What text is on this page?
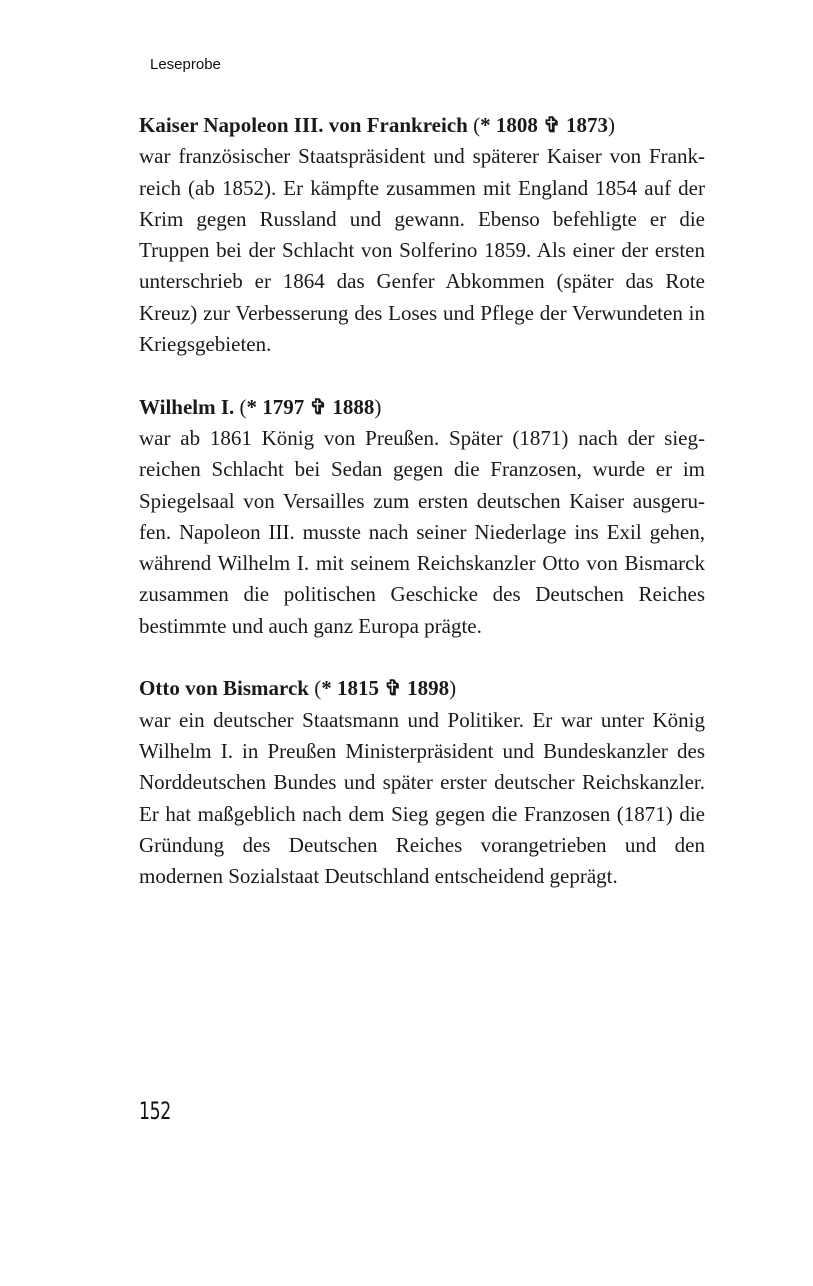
Leseprobe

Kaiser Napoleon III. von Frankreich (* 1808 ✞ 1873)

war französischer Staatspräsident und späterer Kaiser von Frankreich (ab 1852). Er kämpfte zusammen mit England 1854 auf der Krim gegen Russland und gewann. Ebenso befehligte er die Truppen bei der Schlacht von Solferino 1859. Als einer der ersten unterschrieb er 1864 das Genfer Abkommen (später das Rote Kreuz) zur Verbesserung des Loses und Pflege der Verwundeten in Kriegsgebieten.

Wilhelm I. (* 1797 ✞ 1888)

war ab 1861 König von Preußen. Später (1871) nach der siegreichen Schlacht bei Sedan gegen die Franzosen, wurde er im Spiegelsaal von Versailles zum ersten deutschen Kaiser ausgerufen. Napoleon III. musste nach seiner Niederlage ins Exil gehen, während Wilhelm I. mit seinem Reichskanzler Otto von Bismarck zusammen die politischen Geschicke des Deutschen Reiches bestimmte und auch ganz Europa prägte.

Otto von Bismarck (* 1815 ✞ 1898)

war ein deutscher Staatsmann und Politiker. Er war unter König Wilhelm I. in Preußen Ministerpräsident und Bundeskanzler des Norddeutschen Bundes und später erster deutscher Reichskanzler. Er hat maßgeblich nach dem Sieg gegen die Franzosen (1871) die Gründung des Deutschen Reiches vorangetrieben und den modernen Sozialstaat Deutschland entscheidend geprägt.

152
